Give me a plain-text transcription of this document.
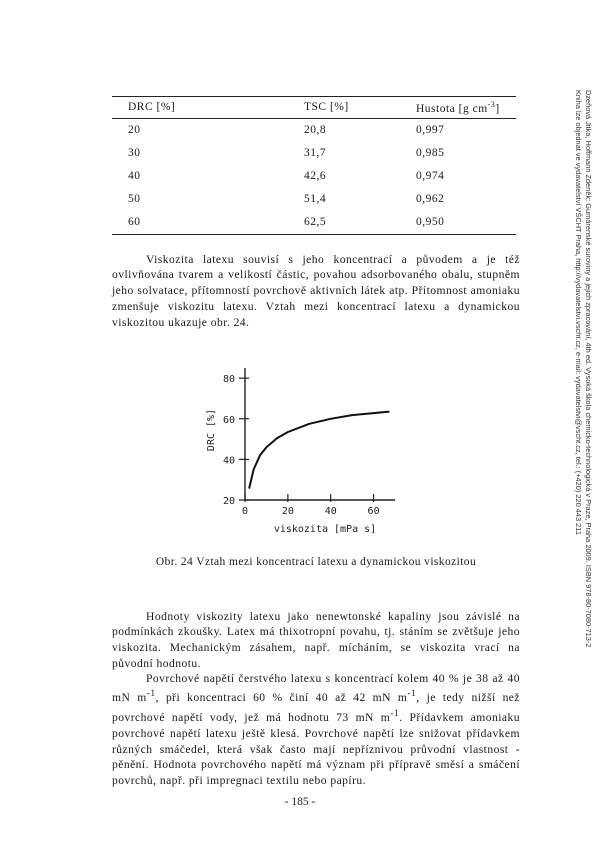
Dzeňová Jitka, Hoffmann Zdeněk: Gumárenské suroviny a jejich zpracování, 4th ed. Vysoká škola chemicko-technologická v Praze, Praha 2009. ISBN 978-80-7080-713-2
Kniha lze objednat ve vydavatelství VŠCHT Praha, http://vydavatelstvi.vscht.cz, e-mail: vydavatelstvi@vscht.cz, tel.: (+420) 220 443 211
DRC [%]	TSC [%]	Hustota [g $cm^{-3}$]
20	20,8	0,997
30	31,7	0,985
40	42,6	0,974
50	51,4	0,962
60	62,5	0,950

Viskozita latexu souvisí s jeho koncentrací a původem a je též ovlivňována tvarem a velikostí částic, povahou adsorbovaného obalu, stupněm jeho solvatace, přítomností povrchově aktivních látek atp. Přítomnost amoniaku zmenšuje viskozitu latexu. Vztah mezi koncentrací latexu a dynamickou viskozitou ukazuje obr. 24.

20
40
60
80
0	20	40	60
viskozita [mPa s]
DRC [%]
Obr. 24 Vztah mezi koncentrací latexu a dynamickou viskozitou

Hodnoty viskozity latexu jako nenewtonské kapaliny jsou závislé na podmínkách zkoušky. Latex má thixotropní povahu, tj. stáním se zvětšuje jeho viskozita. Mechanickým zásahem, např. mícháním, se viskozita vrací na původní hodnotu.

Povrchové napětí čerstvého latexu s koncentrací kolem 40 % je 38 až 40 mN $m^{-1}$, při koncentraci 60 % činí 40 až 42 mN $m^{-1}$, je tedy nižší než povrchové napětí vody, jež má hodnotu 73 mN $m^{-1}$. Přídavkem amoniaku povrchové napětí latexu ještě klesá. Povrchové napětí lze snižovat přídavkem různých smáčedel, která však často mají nepříznivou průvodní vlastnost - pěnění. Hodnota povrchového napětí má význam při přípravě směsí a smáčení povrchů, např. při impregnaci textilu nebo papíru.

- 185 -
